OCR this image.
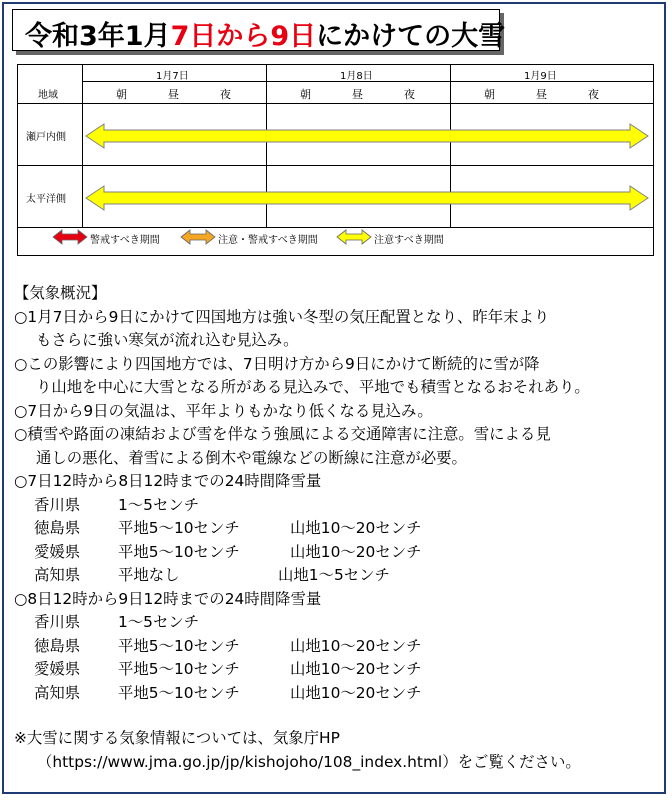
令和3年1月7日から9日にかけての大雪
地域
1月7日	1月8日	1月9日
朝	昼	夜	朝	昼	夜	朝	昼	夜
瀬戸内側
太平洋側
警戒すべき期間	注意・警戒すべき期間	注意すべき期間

【気象概況】

○1月7日から9日にかけて四国地方は強い冬型の気圧配置となり、昨年末より

もさらに強い寒気が流れ込む見込み。

○この影響により四国地方では、7日明け方から9日にかけて断続的に雪が降

り山地を中心に大雪となる所がある見込みで、平地でも積雪となるおそれあり。

○7日から9日の気温は、平年よりもかなり低くなる見込み。

○積雪や路面の凍結および雪を伴なう強風による交通障害に注意。雪による見

通しの悪化、着雪による倒木や電線などの断線に注意が必要。

○7日12時から8日12時までの24時間降雪量

香川県	1～5センチ
徳島県	平地5～10センチ	山地10～20センチ
愛媛県	平地5～10センチ	山地10～20センチ
高知県	平地なし	山地1～5センチ

○8日12時から9日12時までの24時間降雪量

香川県	1～5センチ
徳島県	平地5～10センチ	山地10～20センチ
愛媛県	平地5～10センチ	山地10～20センチ
高知県	平地5～10センチ	山地10～20センチ

※大雪に関する気象情報については、気象庁HP

（https://www.jma.go.jp/jp/kishojoho/108_index.html）をご覧ください。
